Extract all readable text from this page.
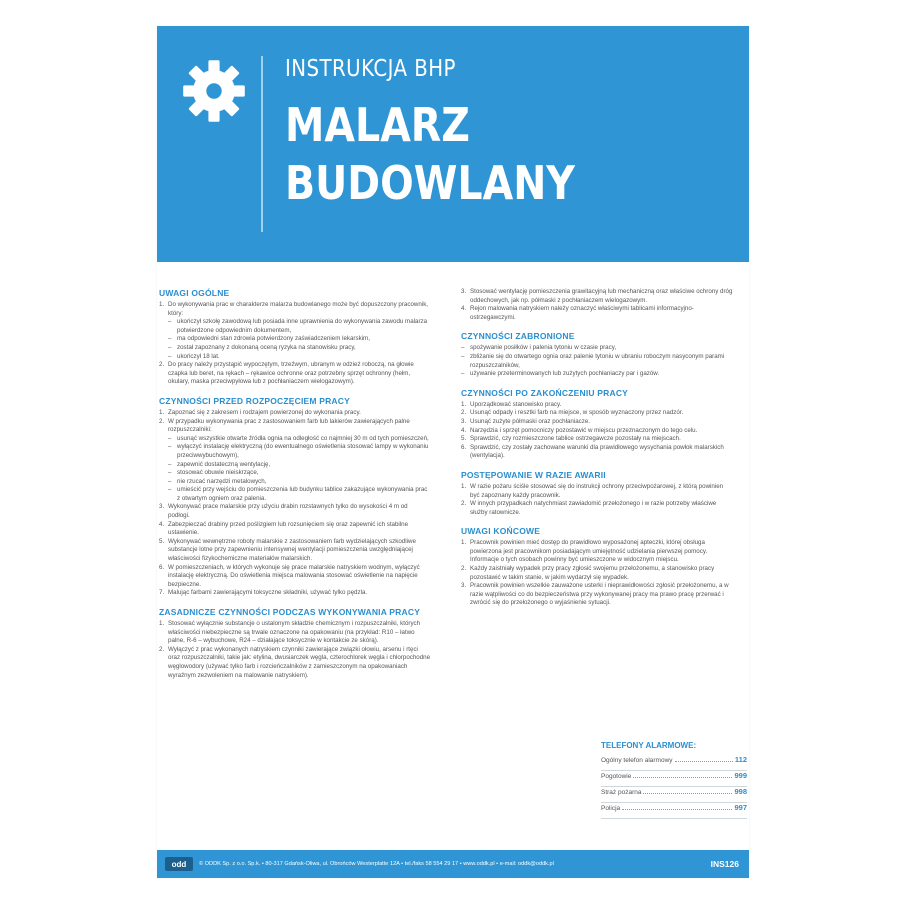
INSTRUKCJA BHP
MALARZ
BUDOWLANY
UWAGI OGÓLNE
1. Do wykonywania prac w charakterze malarza budowlanego może być dopuszczony pracownik, który:
– ukończył szkołę zawodową lub posiada inne uprawnienia do wykonywania zawodu malarza potwierdzone odpowiednim dokumentem,
– ma odpowiedni stan zdrowia potwierdzony zaświadczeniem lekarskim,
– został zapoznany z dokonaną oceną ryzyka na stanowisku pracy,
– ukończył 18 lat.
2. Do pracy należy przystąpić wypoczętym, trzeźwym, ubranym w odzież roboczą, na głowie czapka lub beret, na rękach – rękawice ochronne oraz potrzebny sprzęt ochronny (hełm, okulary, maska przeciwpyłowa lub z pochłaniaczem wielogazowym).
CZYNNOŚCI PRZED ROZPOCZĘCIEM PRACY
1. Zapoznać się z zakresem i rodzajem powierzonej do wykonania pracy.
2. W przypadku wykonywania prac z zastosowaniem farb lub lakierów zawierających palne rozpuszczalniki:
– usunąć wszystkie otwarte źródła ognia na odległość co najmniej 30 m od tych pomieszczeń,
– wyłączyć instalację elektryczną (do ewentualnego oświetlenia stosować lampy w wykonaniu przeciwwybuchowym),
– zapewnić dostateczną wentylację,
– stosować obuwie nieiskrzące,
– nie rzucać narzędzi metalowych,
– umieścić przy wejściu do pomieszczenia lub budynku tablice zakazujące wykonywania prac z otwartym ogniem oraz palenia.
3. Wykonywać prace malarskie przy użyciu drabin rozstawnych tylko do wysokości 4 m od podłogi.
4. Zabezpieczać drabiny przed poślizgiem lub rozsunięciem się oraz zapewnić ich stabilne ustawienie.
5. Wykonywać wewnętrzne roboty malarskie z zastosowaniem farb wydzielających szkodliwe substancje lotne przy zapewnieniu intensywnej wentylacji pomieszczenia uwzględniającej właściwości fizykochemiczne materiałów malarskich.
6. W pomieszczeniach, w których wykonuje się prace malarskie natryskiem wodnym, wyłączyć instalację elektryczną. Do oświetlenia miejsca malowania stosować oświetlenie na napięcie bezpieczne.
7. Malując farbami zawierającymi toksyczne składniki, używać tylko pędzla.
ZASADNICZE CZYNNOŚCI PODCZAS WYKONYWANIA PRACY
1. Stosować wyłącznie substancje o ustalonym składzie chemicznym i rozpuszczalniki, których właściwości niebezpieczne są trwale oznaczone na opakowaniu (na przykład: R10 – łatwo palne, R-6 – wybuchowe, R24 – działające toksycznie w kontakcie ze skórą).
2. Wyłączyć z prac wykonanych natryskiem czynniki zawierające związki ołowiu, arsenu i rtęci oraz rozpuszczalniki, takie jak: etylina, dwusiarczek węgla, czterochlorek węgla i chlorpochodne węglowodory (używać tylko farb i rozcieńczalników z zamieszczonym na opakowaniach wyraźnym zezwoleniem na malowanie natryskiem).
3. Stosować wentylację pomieszczenia grawitacyjną lub mechaniczną oraz właściwe ochrony dróg oddechowych, jak np. półmaski z pochłaniaczem wielogazowym.
4. Rejon malowania natryskiem należy oznaczyć właściwymi tablicami informacyjno-ostrzegawczymi.
CZYNNOŚCI ZABRONIONE
– spożywanie posiłków i palenia tytoniu w czasie pracy,
– zbliżanie się do otwartego ognia oraz palenie tytoniu w ubraniu roboczym nasyconym parami rozpuszczalników,
– używanie przeterminowanych lub zużytych pochłaniaczy par i gazów.
CZYNNOŚCI PO ZAKOŃCZENIU PRACY
1. Uporządkować stanowisko pracy.
2. Usunąć odpady i resztki farb na miejsce, w sposób wyznaczony przez nadzór.
3. Usunąć zużyte półmaski oraz pochłaniacze.
4. Narzędzia i sprzęt pomocniczy pozostawić w miejscu przeznaczonym do tego celu.
5. Sprawdzić, czy rozmieszczone tablice ostrzegawcze pozostały na miejscach.
6. Sprawdzić, czy zostały zachowane warunki dla prawidłowego wysychania powłok malarskich (wentylacja).
POSTĘPOWANIE W RAZIE AWARII
1. W razie pożaru ściśle stosować się do instrukcji ochrony przeciwpożarowej, z którą powinien być zapoznany każdy pracownik.
2. W innych przypadkach natychmiast zawiadomić przełożonego i w razie potrzeby właściwe służby ratownicze.
UWAGI KOŃCOWE
1. Pracownik powinien mieć dostęp do prawidłowo wyposażonej apteczki, której obsługa powierzona jest pracownikom posiadającym umiejętność udzielania pierwszej pomocy. Informacje o tych osobach powinny być umieszczone w widocznym miejscu.
2. Każdy zaistniały wypadek przy pracy zgłosić swojemu przełożonemu, a stanowisko pracy pozostawić w takim stanie, w jakim wydarzył się wypadek.
3. Pracownik powinien wszelkie zauważone usterki i nieprawidłowości zgłosić przełożonemu, a w razie wątpliwości co do bezpieczeństwa przy wykonywanej pracy ma prawo pracę przerwać i zwrócić się do przełożonego o wyjaśnienie sytuacji.
TELEFONY ALARMOWE:
Ogólny telefon alarmowy	112
Pogotowie	999
Straż pożarna	998
Policja	997
odd	© ODDK Sp. z o.o. Sp.k. • 80-317 Gdańsk-Oliwa, ul. Obrońców Westerplatte 12A • tel./faks 58 554 29 17 • www.oddk.pl • e-mail: oddk@oddk.pl	INS126
